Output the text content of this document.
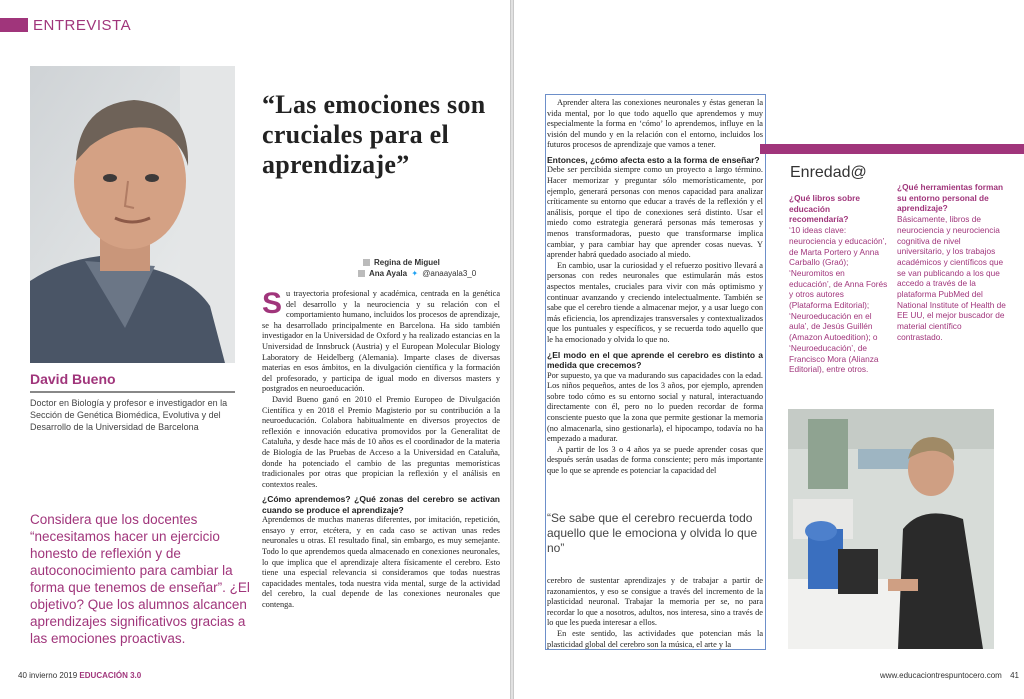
ENTREVISTA
David Bueno
Doctor en Biología y profesor e investigador en la Sección de Genética Biomédica, Evolutiva y del Desarrollo de la Universidad de Barcelona
Considera que los docentes “necesitamos hacer un ejercicio honesto de reflexión y de autoconocimiento para cambiar la forma que tenemos de enseñar”. ¿El objetivo? Que los alumnos alcancen aprendizajes significativos gracias a las emociones proactivas.
“Las emociones son cruciales para el aprendizaje”
Regina de Miguel
Ana Ayala ✦ @anaayala3_0

Su trayectoria profesional y académica, centrada en la genética del desarrollo y la neurociencia y su relación con el comportamiento humano, incluidos los procesos de aprendizaje, se ha desarrollado principalmente en Barcelona. Ha sido también investigador en la Universidad de Oxford y ha realizado estancias en la Universidad de Innsbruck (Austria) y el European Molecular Biology Laboratory de Heidelberg (Alemania). Imparte clases de diversas materias en esos ámbitos, en la divulgación científica y la formación del profesorado, y participa de igual modo en diversos masters y postgrados en neuroeducación.

David Bueno ganó en 2010 el Premio Europeo de Divulgación Científica y en 2018 el Premio Magisterio por su contribución a la neuroeducación. Colabora habitualmente en diversos proyectos de reflexión e innovación educativa promovidos por la Generalitat de Cataluña, y desde hace más de 10 años es el coordinador de la materia de Biología de las Pruebas de Acceso a la Universidad en Cataluña, donde ha potenciado el cambio de las preguntas memorísticas tradicionales por otras que propician la reflexión y el análisis en contextos reales.

¿Cómo aprendemos? ¿Qué zonas del cerebro se activan cuando se produce el aprendizaje?

Aprendemos de muchas maneras diferentes, por imitación, repetición, ensayo y error, etcétera, y en cada caso se activan unas redes neuronales u otras. El resultado final, sin embargo, es muy semejante. Todo lo que aprendemos queda almacenado en conexiones neuronales, lo que implica que el aprendizaje altera físicamente el cerebro. Esto tiene una especial relevancia si consideramos que todas nuestras capacidades mentales, toda nuestra vida mental, surge de la actividad del cerebro, la cual depende de las conexiones neuronales que contenga.

40 invierno 2019 EDUCACIÓN 3.0

Aprender altera las conexiones neuronales y éstas generan la vida mental, por lo que todo aquello que aprendemos y muy especialmente la forma en ‘cómo’ lo aprendemos, influye en la visión del mundo y en la relación con el entorno, incluidos los futuros procesos de aprendizaje que vamos a tener.

Entonces, ¿cómo afecta esto a la forma de enseñar?

Debe ser percibida siempre como un proyecto a largo término. Hacer memorizar y preguntar sólo memorísticamente, por ejemplo, generará personas con menos capacidad para analizar críticamente su entorno que educar a través de la reflexión y el análisis, porque el tipo de conexiones será distinto. Usar el miedo como estrategia generará personas más temerosas y menos transformadoras, puesto que transformarse implica cambiar, y para cambiar hay que aprender cosas nuevas. Y aprender habrá quedado asociado al miedo.

En cambio, usar la curiosidad y el refuerzo positivo llevará a personas con redes neuronales que estimularán más estos aspectos mentales, cruciales para vivir con más optimismo y continuar avanzando y creciendo intelectualmente. También se sabe que el cerebro tiende a almacenar mejor, y a usar luego con más eficiencia, los aprendizajes transversales y contextualizados que los puntuales y específicos, y se recuerda todo aquello que le ha emocionado y olvida lo que no.

¿El modo en el que aprende el cerebro es distinto a medida que crecemos?

Por supuesto, ya que va madurando sus capacidades con la edad. Los niños pequeños, antes de los 3 años, por ejemplo, aprenden sobre todo cómo es su entorno social y natural, interactuando directamente con él, pero no lo pueden recordar de forma consciente puesto que la zona que permite gestionar la memoria (no almacenarla, sino gestionarla), el hipocampo, todavía no ha empezado a madurar.

A partir de los 3 o 4 años ya se puede aprender cosas que después serán usadas de forma consciente; pero más importante que lo que se aprende es potenciar la capacidad del

“Se sabe que el cerebro recuerda todo aquello que le emociona y olvida lo que no”

cerebro de sustentar aprendizajes y de trabajar a partir de razonamientos, y eso se consigue a través del incremento de la plasticidad neuronal. Trabajar la memoria per se, no para recordar lo que a nosotros, adultos, nos interesa, sino a través de lo que les pueda interesar a ellos.

En este sentido, las actividades que potencian más la plasticidad global del cerebro son la música, el arte y la

Enredad@
¿Qué libros sobre educación recomendaría?
‘10 ideas clave: neurociencia y educación’, de Marta Portero y Anna Carballo (Graó); ‘Neuromitos en educación’, de Anna Forés y otros autores (Plataforma Editorial); ‘Neuroeducación en el aula’, de Jesús Guillén (Amazon Autoedition); o ‘Neuroeducación’, de Francisco Mora (Alianza Editorial), entre otros.
¿Qué herramientas forman su entorno personal de aprendizaje?
Básicamente, libros de neurociencia y neurociencia cognitiva de nivel universitario, y los trabajos académicos y científicos que se van publicando a los que accedo a través de la plataforma PubMed del National Institute of Health de EE UU, el mejor buscador de material científico contrastado.
www.educaciontrespuntocero.com 41
